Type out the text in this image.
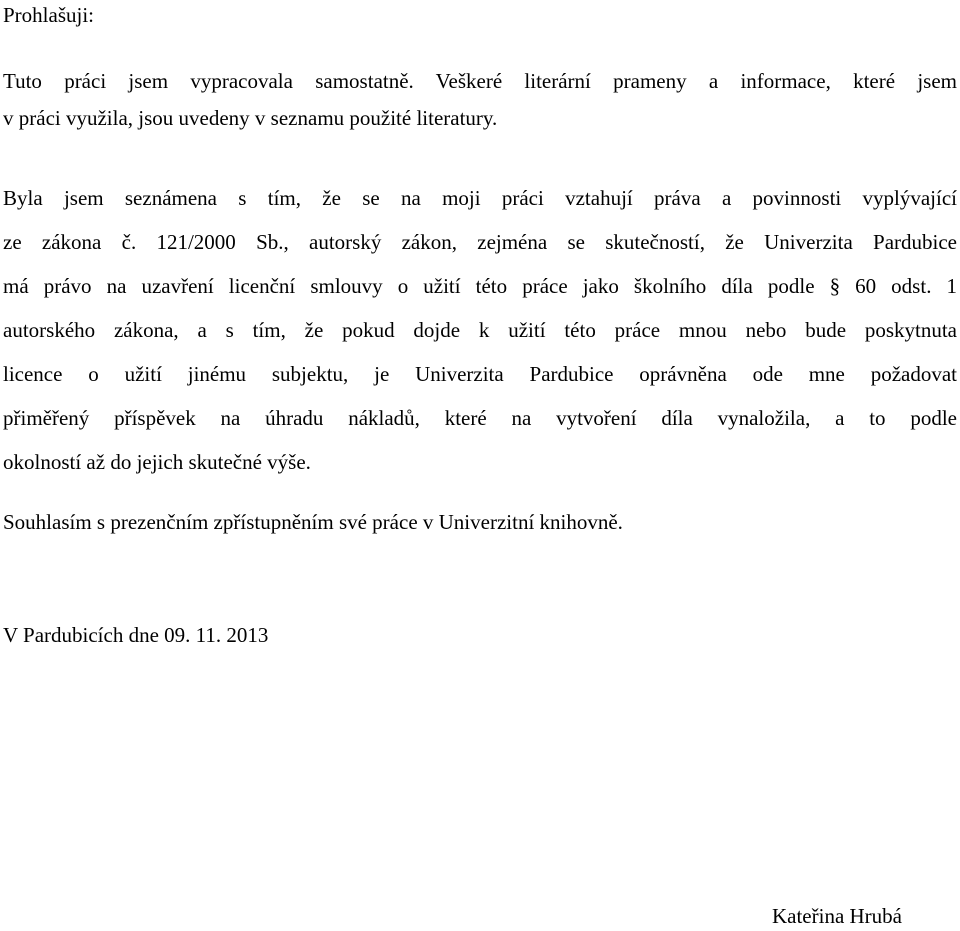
Prohlašuji:

Tuto práci jsem vypracovala samostatně. Veškeré literární prameny a informace, které jsem
v práci využila, jsou uvedeny v seznamu použité literatury.

Byla jsem seznámena s tím, že se na moji práci vztahují práva a povinnosti vyplývající
ze zákona č. 121/2000 Sb., autorský zákon, zejména se skutečností, že Univerzita Pardubice
má právo na uzavření licenční smlouvy o užití této práce jako školního díla podle § 60 odst. 1
autorského zákona, a s tím, že pokud dojde k užití této práce mnou nebo bude poskytnuta
licence o užití jinému subjektu, je Univerzita Pardubice oprávněna ode mne požadovat
přiměřený příspěvek na úhradu nákladů, které na vytvoření díla vynaložila, a to podle
okolností až do jejich skutečné výše.

Souhlasím s prezenčním zpřístupněním své práce v Univerzitní knihovně.

V Pardubicích dne 09. 11. 2013

Kateřina Hrubá
